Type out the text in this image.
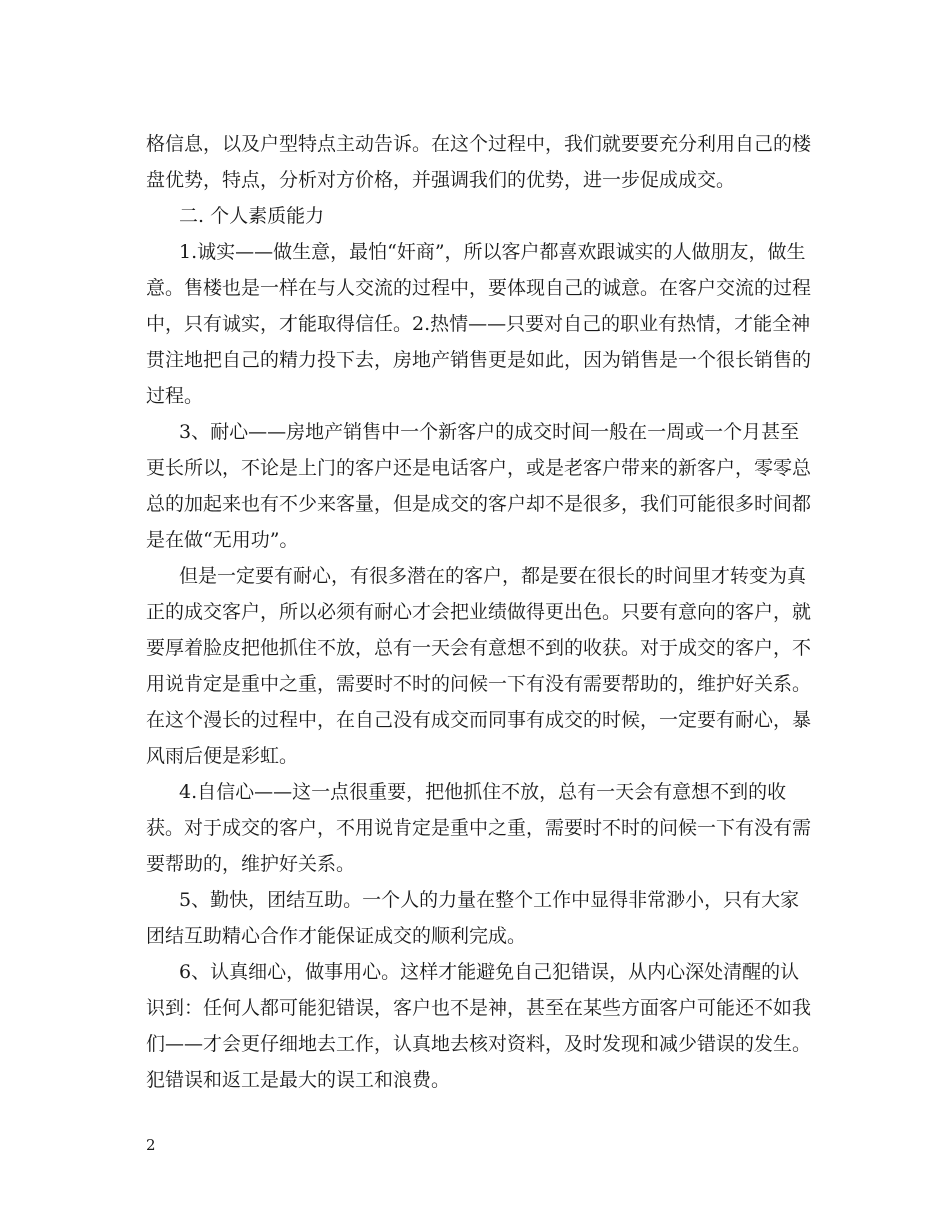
格信息，以及户型特点主动告诉。在这个过程中，我们就要要充分利用自己的楼盘优势，特点，分析对方价格，并强调我们的优势，进一步促成成交。

二. 个人素质能力

1.诚实——做生意，最怕“奸商”，所以客户都喜欢跟诚实的人做朋友，做生意。售楼也是一样在与人交流的过程中，要体现自己的诚意。在客户交流的过程中，只有诚实，才能取得信任。2.热情——只要对自己的职业有热情，才能全神贯注地把自己的精力投下去，房地产销售更是如此，因为销售是一个很长销售的过程。

3、耐心——房地产销售中一个新客户的成交时间一般在一周或一个月甚至更长所以，不论是上门的客户还是电话客户，或是老客户带来的新客户，零零总总的加起来也有不少来客量，但是成交的客户却不是很多，我们可能很多时间都是在做“无用功”。

但是一定要有耐心，有很多潜在的客户，都是要在很长的时间里才转变为真正的成交客户，所以必须有耐心才会把业绩做得更出色。只要有意向的客户，就要厚着脸皮把他抓住不放，总有一天会有意想不到的收获。对于成交的客户，不用说肯定是重中之重，需要时不时的问候一下有没有需要帮助的，维护好关系。在这个漫长的过程中，在自己没有成交而同事有成交的时候，一定要有耐心，暴风雨后便是彩虹。

4.自信心——这一点很重要，把他抓住不放，总有一天会有意想不到的收获。对于成交的客户，不用说肯定是重中之重，需要时不时的问候一下有没有需要帮助的，维护好关系。

5、勤快，团结互助。一个人的力量在整个工作中显得非常渺小，只有大家团结互助精心合作才能保证成交的顺利完成。

6、认真细心，做事用心。这样才能避免自己犯错误，从内心深处清醒的认识到：任何人都可能犯错误，客户也不是神，甚至在某些方面客户可能还不如我们——才会更仔细地去工作，认真地去核对资料，及时发现和减少错误的发生。犯错误和返工是最大的误工和浪费。

2
